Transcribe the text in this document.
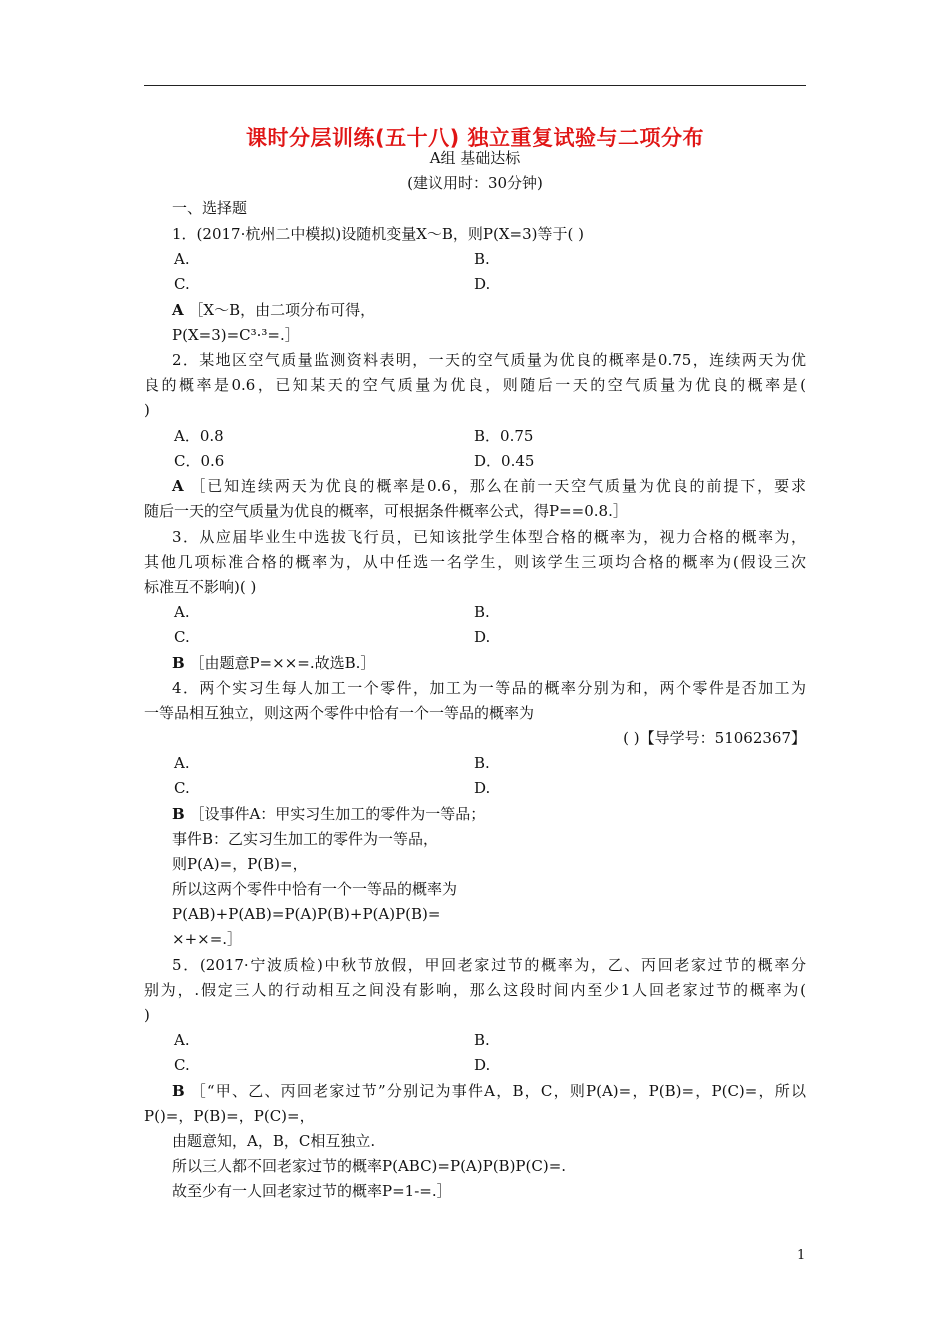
课时分层训练(五十八) 独立重复试验与二项分布
A组 基础达标
(建议用时：30分钟)
一、选择题
1．(2017·杭州二中模拟)设随机变量X～B，则P(X=3)等于( )
A.	B.
C.	D.
A ［X～B，由二项分布可得，
P(X=3)=C³·³=.］
2．某地区空气质量监测资料表明，一天的空气质量为优良的概率是0.75，连续两天为优
良的概率是0.6，已知某天的空气质量为优良，则随后一天的空气质量为优良的概率是(
)
A．0.8	B．0.75
C．0.6	D．0.45
A ［已知连续两天为优良的概率是0.6，那么在前一天空气质量为优良的前提下，要求
随后一天的空气质量为优良的概率，可根据条件概率公式，得P==0.8.］
3．从应届毕业生中选拔飞行员，已知该批学生体型合格的概率为，视力合格的概率为，
其他几项标准合格的概率为，从中任选一名学生，则该学生三项均合格的概率为(假设三次
标准互不影响)( )
A.	B.
C.	D.
B ［由题意P=××=.故选B.］
4．两个实习生每人加工一个零件，加工为一等品的概率分别为和，两个零件是否加工为
一等品相互独立，则这两个零件中恰有一个一等品的概率为
( )【导学号：51062367】
A.	B.
C.	D.
B ［设事件A：甲实习生加工的零件为一等品；
事件B：乙实习生加工的零件为一等品，
则P(A)=，P(B)=，
所以这两个零件中恰有一个一等品的概率为
P(AB)+P(AB)=P(A)P(B)+P(A)P(B)=
×+×=.］
5．(2017·宁波质检)中秋节放假，甲回老家过节的概率为，乙、丙回老家过节的概率分
别为，.假定三人的行动相互之间没有影响，那么这段时间内至少1人回老家过节的概率为(
)
A.	B.
C.	D.
B ［“甲、乙、丙回老家过节”分别记为事件A，B，C，则P(A)=，P(B)=，P(C)=，所以
P()=，P(B)=，P(C)=，
由题意知，A，B，C相互独立.
所以三人都不回老家过节的概率P(ABC)=P(A)P(B)P(C)=.
故至少有一人回老家过节的概率P=1-=.］
1
